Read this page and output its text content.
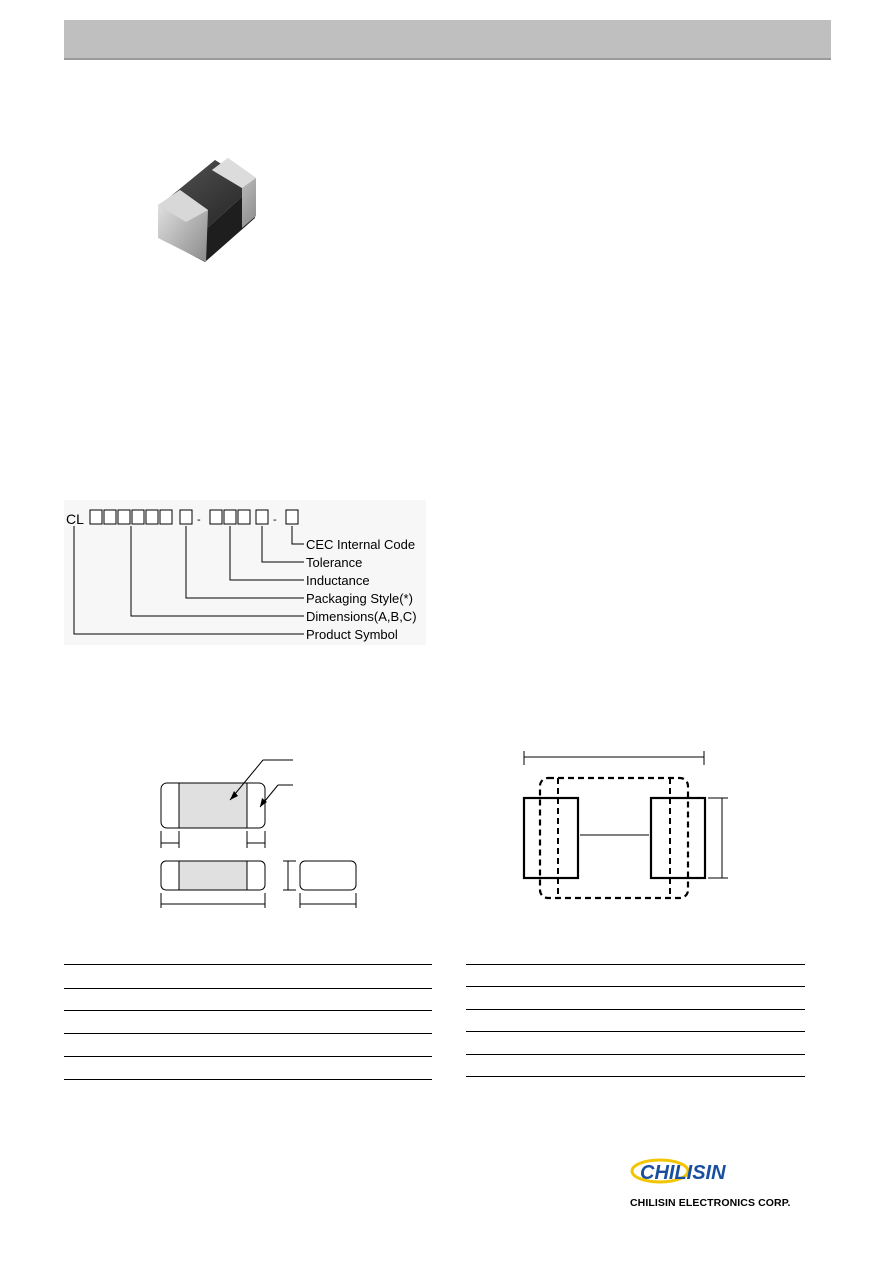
CL	-	-
CEC Internal Code
Tolerance
Inductance
Packaging Style(*)
Dimensions(A,B,C)
Product Symbol
CHILISIN
CHILISIN ELECTRONICS CORP.
